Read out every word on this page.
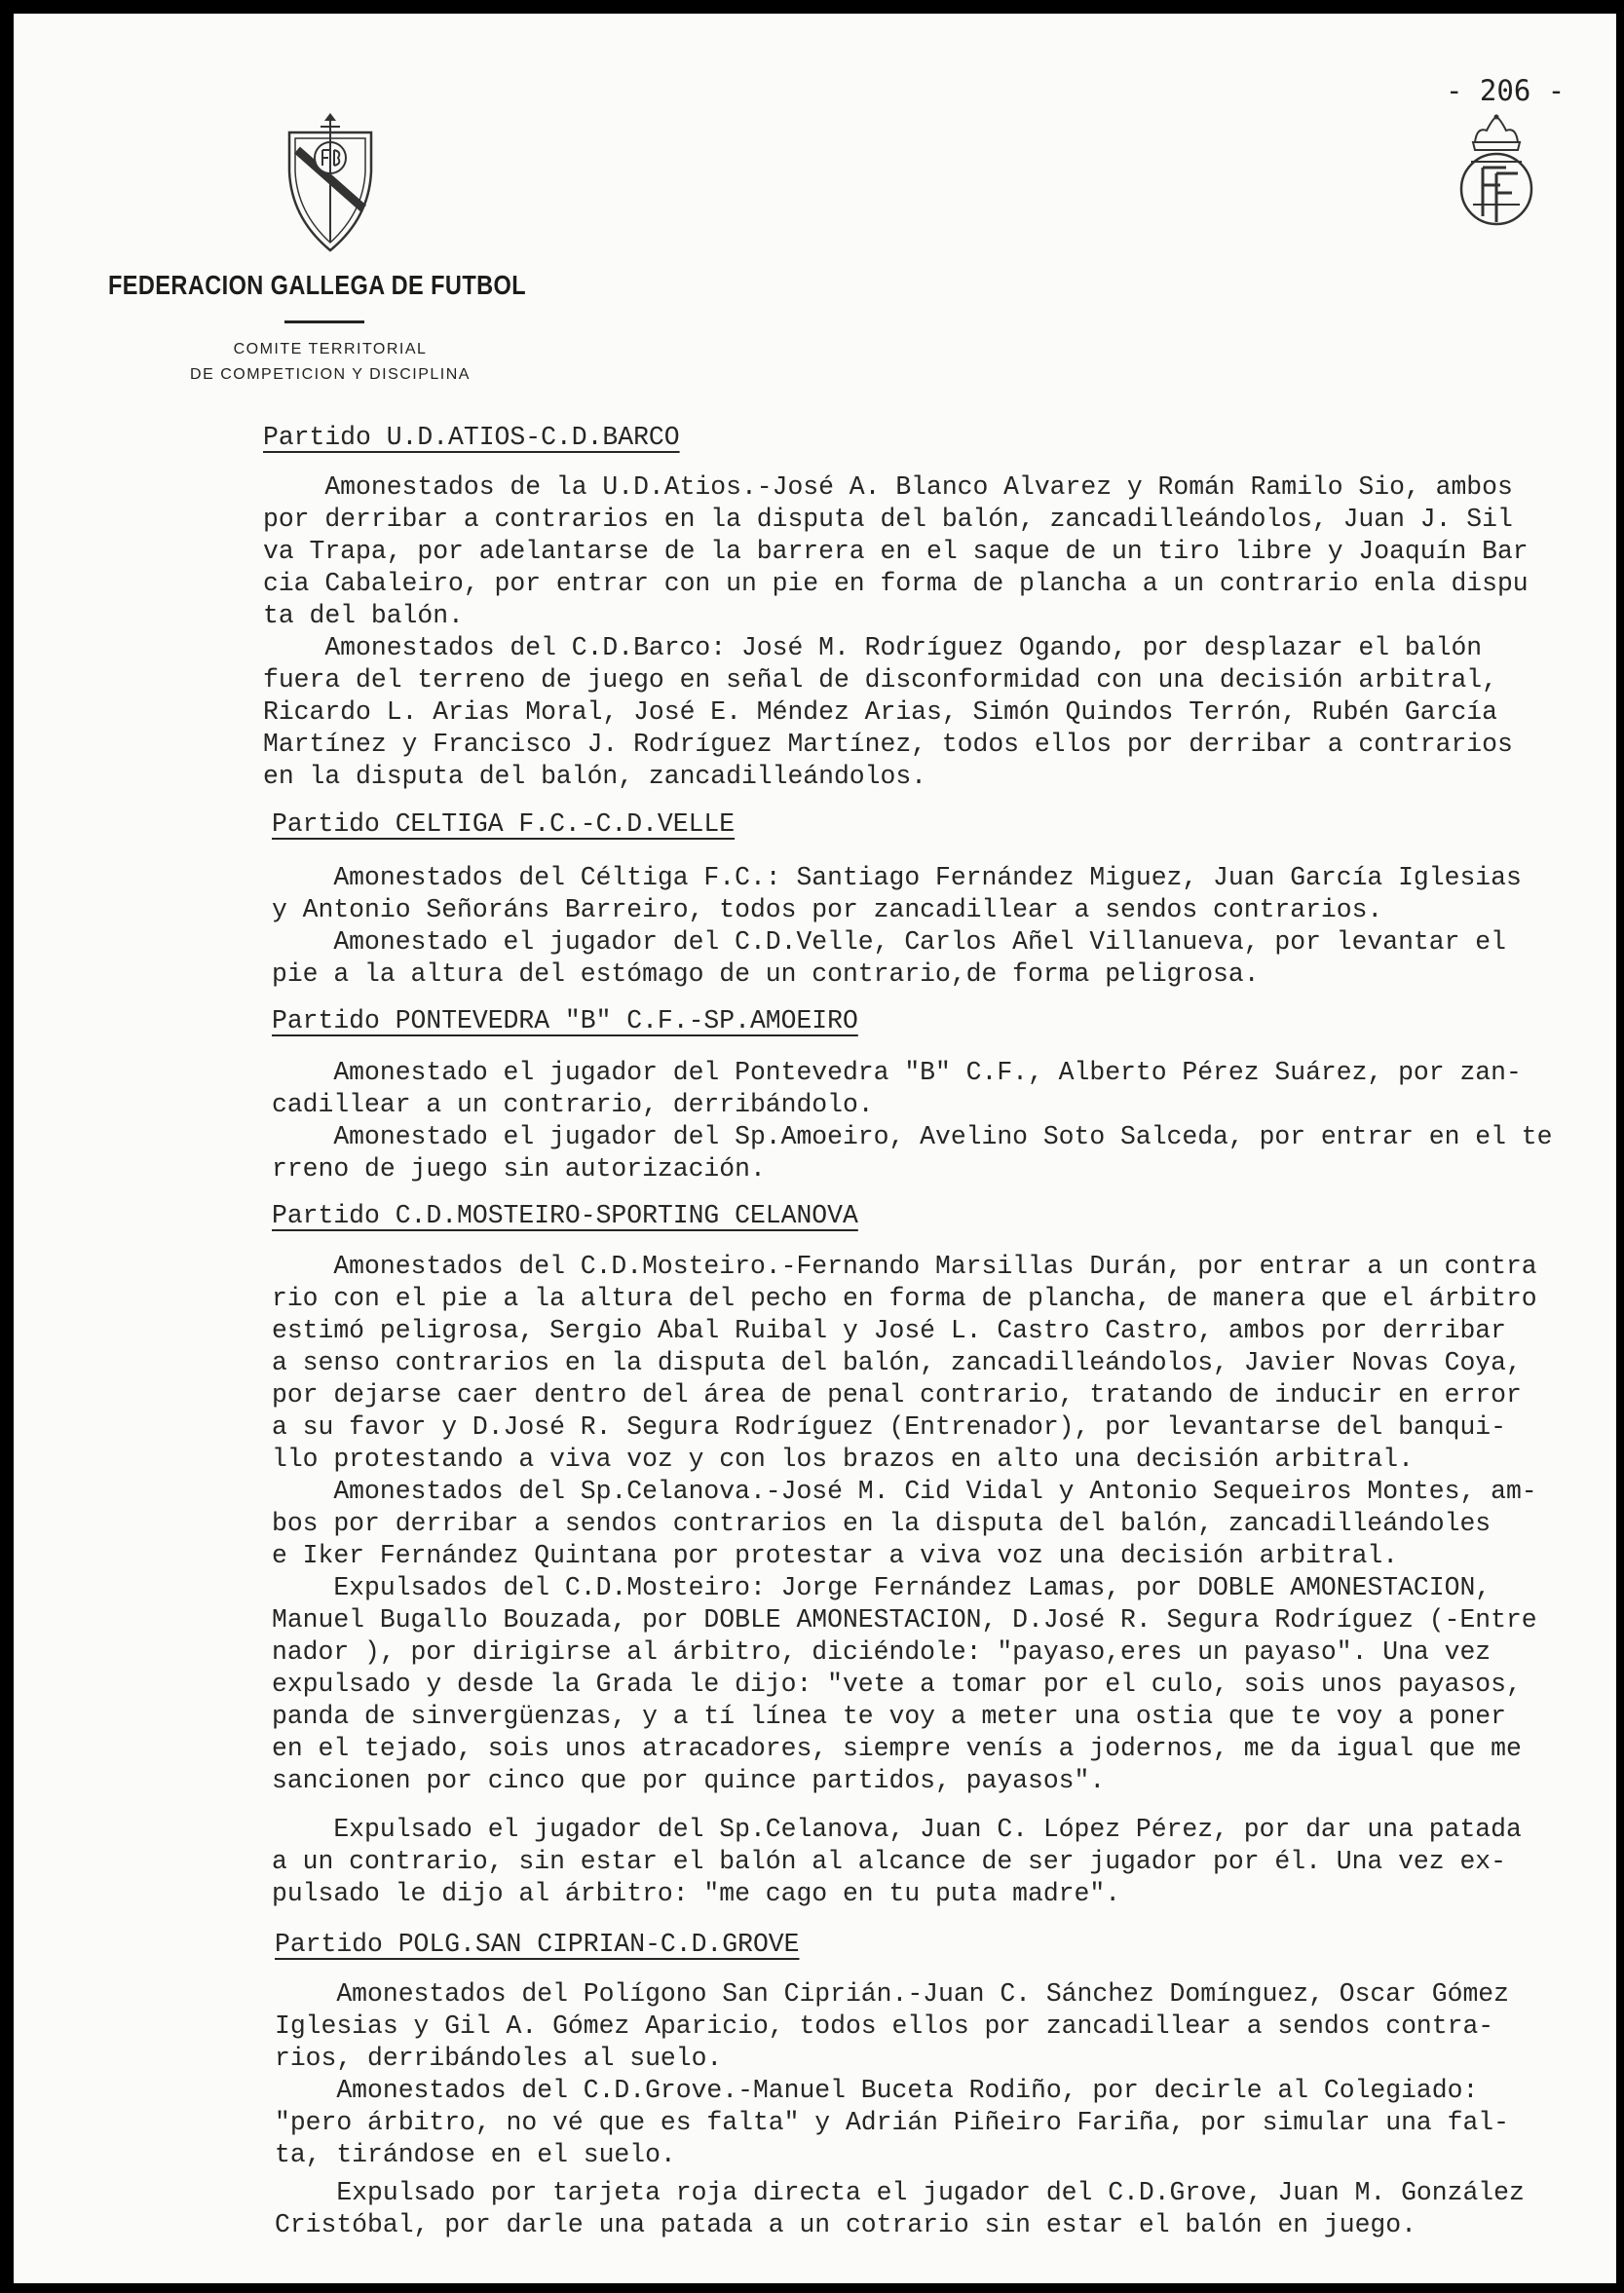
- 206 -
FEDERACION GALLEGA DE FUTBOL
COMITE TERRITORIAL
DE COMPETICION Y DISCIPLINA
Partido U.D.ATIOS-C.D.BARCO
Amonestados de la U.D.Atios.-José A. Blanco Alvarez y Román Ramilo Sio, ambos
por derribar a contrarios en la disputa del balón, zancadilleándolos, Juan J. Sil
va Trapa, por adelantarse de la barrera en el saque de un tiro libre y Joaquín Bar
cia Cabaleiro, por entrar con un pie en forma de plancha a un contrario enla dispu
ta del balón.
Amonestados del C.D.Barco: José M. Rodríguez Ogando, por desplazar el balón
fuera del terreno de juego en señal de disconformidad con una decisión arbitral,
Ricardo L. Arias Moral, José E. Méndez Arias, Simón Quindos Terrón, Rubén García
Martínez y Francisco J. Rodríguez Martínez, todos ellos por derribar a contrarios
en la disputa del balón, zancadilleándolos.
Partido CELTIGA F.C.-C.D.VELLE
Amonestados del Céltiga F.C.: Santiago Fernández Miguez, Juan García Iglesias
y Antonio Señoráns Barreiro, todos por zancadillear a sendos contrarios.
Amonestado el jugador del C.D.Velle, Carlos Añel Villanueva, por levantar el
pie a la altura del estómago de un contrario,de forma peligrosa.
Partido PONTEVEDRA "B" C.F.-SP.AMOEIRO
Amonestado el jugador del Pontevedra "B" C.F., Alberto Pérez Suárez, por zan-
cadillear a un contrario, derribándolo.
Amonestado el jugador del Sp.Amoeiro, Avelino Soto Salceda, por entrar en el te
rreno de juego sin autorización.
Partido C.D.MOSTEIRO-SPORTING CELANOVA
Amonestados del C.D.Mosteiro.-Fernando Marsillas Durán, por entrar a un contra
rio con el pie a la altura del pecho en forma de plancha, de manera que el árbitro
estimó peligrosa, Sergio Abal Ruibal y José L. Castro Castro, ambos por derribar
a senso contrarios en la disputa del balón, zancadilleándolos, Javier Novas Coya,
por dejarse caer dentro del área de penal contrario, tratando de inducir en error
a su favor y D.José R. Segura Rodríguez (Entrenador), por levantarse del banqui-
llo protestando a viva voz y con los brazos en alto una decisión arbitral.
Amonestados del Sp.Celanova.-José M. Cid Vidal y Antonio Sequeiros Montes, am-
bos por derribar a sendos contrarios en la disputa del balón, zancadilleándoles
e Iker Fernández Quintana por protestar a viva voz una decisión arbitral.
Expulsados del C.D.Mosteiro: Jorge Fernández Lamas, por DOBLE AMONESTACION,
Manuel Bugallo Bouzada, por DOBLE AMONESTACION, D.José R. Segura Rodríguez (-Entre
nador ), por dirigirse al árbitro, diciéndole: "payaso,eres un payaso". Una vez
expulsado y desde la Grada le dijo: "vete a tomar por el culo, sois unos payasos,
panda de sinvergüenzas, y a tí línea te voy a meter una ostia que te voy a poner
en el tejado, sois unos atracadores, siempre venís a jodernos, me da igual que me
sancionen por cinco que por quince partidos, payasos".
Expulsado el jugador del Sp.Celanova, Juan C. López Pérez, por dar una patada
a un contrario, sin estar el balón al alcance de ser jugador por él. Una vez ex-
pulsado le dijo al árbitro: "me cago en tu puta madre".
Partido POLG.SAN CIPRIAN-C.D.GROVE
Amonestados del Polígono San Ciprián.-Juan C. Sánchez Domínguez, Oscar Gómez
Iglesias y Gil A. Gómez Aparicio, todos ellos por zancadillear a sendos contra-
rios, derribándoles al suelo.
Amonestados del C.D.Grove.-Manuel Buceta Rodiño, por decirle al Colegiado:
"pero árbitro, no vé que es falta" y Adrián Piñeiro Fariña, por simular una fal-
ta, tirándose en el suelo.
Expulsado por tarjeta roja directa el jugador del C.D.Grove, Juan M. González
Cristóbal, por darle una patada a un cotrario sin estar el balón en juego.
